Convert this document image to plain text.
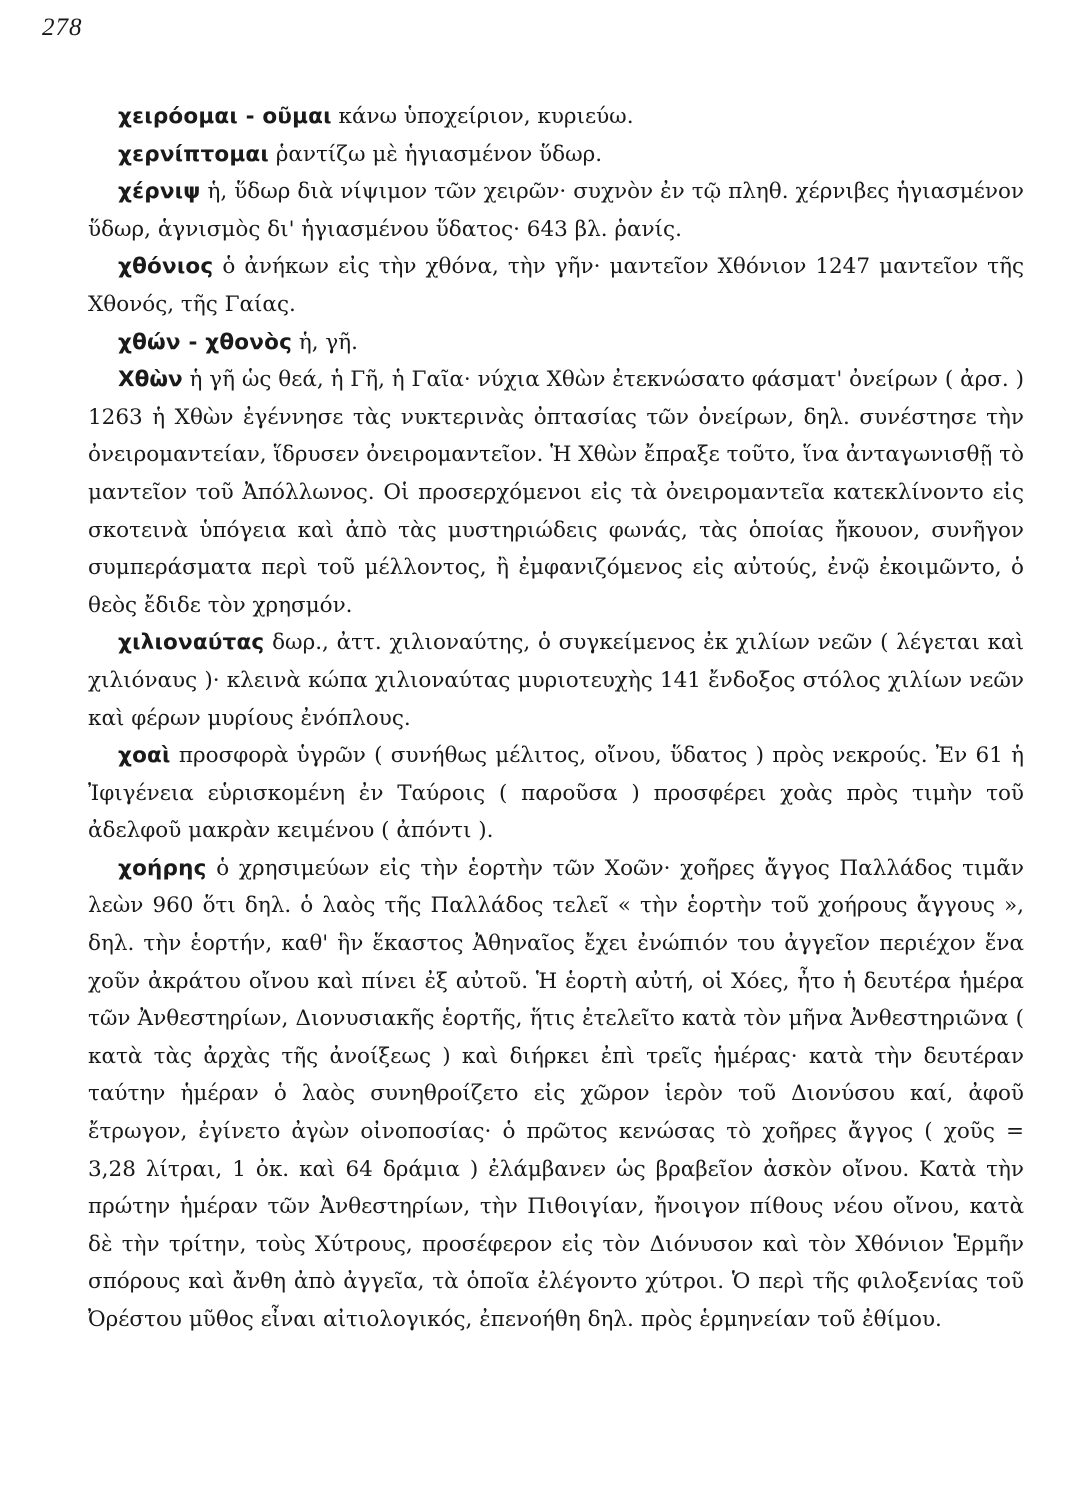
278

χειρόομαι - οῦμαι κάνω ὑποχείριον, κυριεύω.

χερνίπτομαι ῥαντίζω μὲ ἡγιασμένον ὕδωρ.

χέρνιψ ἡ, ὕδωρ διὰ νίψιμον τῶν χειρῶν· συχνὸν ἐν τῷ πληθ. χέρνιβες ἡγιασμένον ὕδωρ, ἁγνισμὸς δι' ἡγιασμένου ὕδατος· 643 βλ. ῥανίς.

χθόνιος ὁ ἀνήκων εἰς τὴν χθόνα, τὴν γῆν· μαντεῖον Χθόνιον 1247 μαντεῖον τῆς Χθονός, τῆς Γαίας.

χθών - χθονὸς ἡ, γῆ.

Χθὼν ἡ γῆ ὡς θεά, ἡ Γῆ, ἡ Γαῖα· νύχια Χθὼν ἐτεκνώσατο φάσματ' ὀνείρων ( ἀρσ. ) 1263 ἡ Χθὼν ἐγέννησε τὰς νυκτερινὰς ὀπτασίας τῶν ὀνείρων, δηλ. συνέστησε τὴν ὀνειρομαντείαν, ἵδρυσεν ὀνειρομαντεῖον. Ἡ Χθὼν ἔπραξε τοῦτο, ἵνα ἀνταγωνισθῇ τὸ μαντεῖον τοῦ Ἀπόλλωνος. Οἱ προσερχόμενοι εἰς τὰ ὀνειρομαντεῖα κατεκλίνοντο εἰς σκοτεινὰ ὑπόγεια καὶ ἀπὸ τὰς μυστηριώδεις φωνάς, τὰς ὁποίας ἤκουον, συνῆγον συμπεράσματα περὶ τοῦ μέλλοντος, ἢ ἐμφανιζόμενος εἰς αὐτούς, ἐνῷ ἐκοιμῶντο, ὁ θεὸς ἔδιδε τὸν χρησμόν.

χιλιοναύτας δωρ., ἀττ. χιλιοναύτης, ὁ συγκείμενος ἐκ χιλίων νεῶν ( λέγεται καὶ χιλιόναυς )· κλεινὰ κώπα χιλιοναύτας μυριοτευχὴς 141 ἔνδοξος στόλος χιλίων νεῶν καὶ φέρων μυρίους ἐνόπλους.

χοαὶ προσφορὰ ὑγρῶν ( συνήθως μέλιτος, οἴνου, ὕδατος ) πρὸς νεκρούς. Ἐν 61 ἡ Ἰφιγένεια εὑρισκομένη ἐν Ταύροις ( παροῦσα ) προσφέρει χοὰς πρὸς τιμὴν τοῦ ἀδελφοῦ μακρὰν κειμένου ( ἀπόντι ).

χοήρης ὁ χρησιμεύων εἰς τὴν ἑορτὴν τῶν Χοῶν· χοῆρες ἄγγος Παλλάδος τιμᾶν λεὼν 960 ὅτι δηλ. ὁ λαὸς τῆς Παλλάδος τελεῖ « τὴν ἑορτὴν τοῦ χοήρους ἄγγους », δηλ. τὴν ἑορτήν, καθ' ἣν ἕκαστος Ἀθηναῖος ἔχει ἐνώπιόν του ἀγγεῖον περιέχον ἕνα χοῦν ἀκράτου οἴνου καὶ πίνει ἐξ αὐτοῦ. Ἡ ἑορτὴ αὐτή, οἱ Χόες, ἦτο ἡ δευτέρα ἡμέρα τῶν Ἀνθεστηρίων, Διονυσιακῆς ἑορτῆς, ἥτις ἐτελεῖτο κατὰ τὸν μῆνα Ἀνθεστηριῶνα ( κατὰ τὰς ἀρχὰς τῆς ἀνοίξεως ) καὶ διήρκει ἐπὶ τρεῖς ἡμέρας· κατὰ τὴν δευτέραν ταύτην ἡμέραν ὁ λαὸς συνηθροίζετο εἰς χῶρον ἱερὸν τοῦ Διονύσου καί, ἀφοῦ ἔτρωγον, ἐγίνετο ἀγὼν οἰνοποσίας· ὁ πρῶτος κενώσας τὸ χοῆρες ἄγγος ( χοῦς = 3,28 λίτραι, 1 ὀκ. καὶ 64 δράμια ) ἐλάμβανεν ὡς βραβεῖον ἀσκὸν οἴνου. Κατὰ τὴν πρώτην ἡμέραν τῶν Ἀνθεστηρίων, τὴν Πιθοιγίαν, ἤνοιγον πίθους νέου οἴνου, κατὰ δὲ τὴν τρίτην, τοὺς Χύτρους, προσέφερον εἰς τὸν Διόνυσον καὶ τὸν Χθόνιον Ἑρμῆν σπόρους καὶ ἄνθη ἀπὸ ἀγγεῖα, τὰ ὁποῖα ἐλέγοντο χύτροι. Ὁ περὶ τῆς φιλοξενίας τοῦ Ὀρέστου μῦθος εἶναι αἰτιολογικός, ἐπενοήθη δηλ. πρὸς ἑρμηνείαν τοῦ ἐθίμου.
